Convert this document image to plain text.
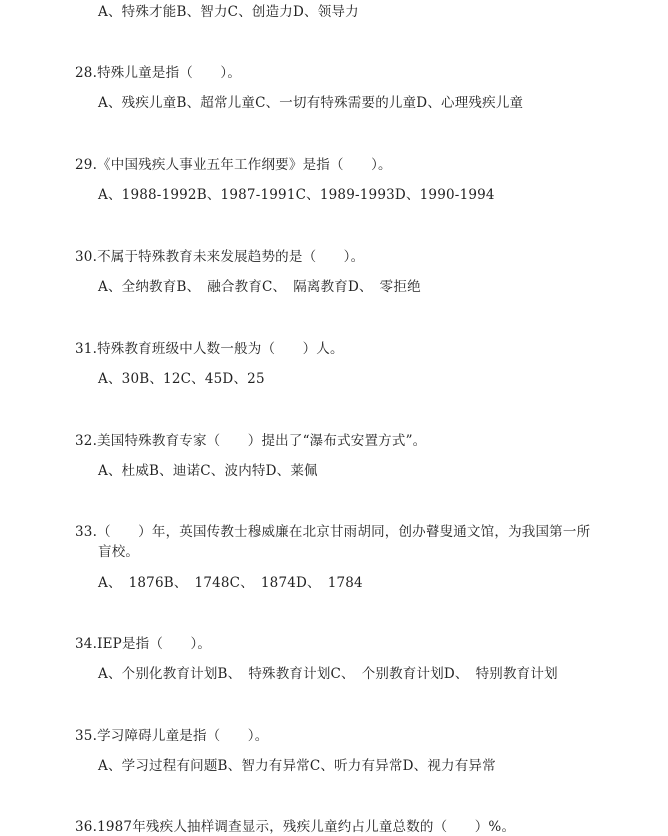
A、特殊才能B、智力C、创造力D、领导力
28.特殊儿童是指（　　）。
A、残疾儿童B、超常儿童C、一切有特殊需要的儿童D、心理残疾儿童
29.《中国残疾人事业五年工作纲要》是指（　　）。
A、1988-1992B、1987-1991C、1989-1993D、1990-1994
30.不属于特殊教育未来发展趋势的是（　　）。
A、全纳教育B、　融合教育C、　隔离教育D、　零拒绝
31.特殊教育班级中人数一般为（　　）人。
A、30B、12C、45D、25
32.美国特殊教育专家（　　）提出了“瀑布式安置方式”。
A、杜威B、迪诺C、波内特D、莱佩
33.（　　）年，英国传教士穆威廉在北京甘雨胡同，创办瞽叟通文馆，为我国第一所
盲校。
A、　1876B、　1748C、　1874D、　1784
34.IEP是指（　　）。
A、个别化教育计划B、　特殊教育计划C、　个别教育计划D、　特别教育计划
35.学习障碍儿童是指（　　）。
A、学习过程有问题B、智力有异常C、听力有异常D、视力有异常
36.1987年残疾人抽样调查显示，残疾儿童约占儿童总数的（　　）%。
